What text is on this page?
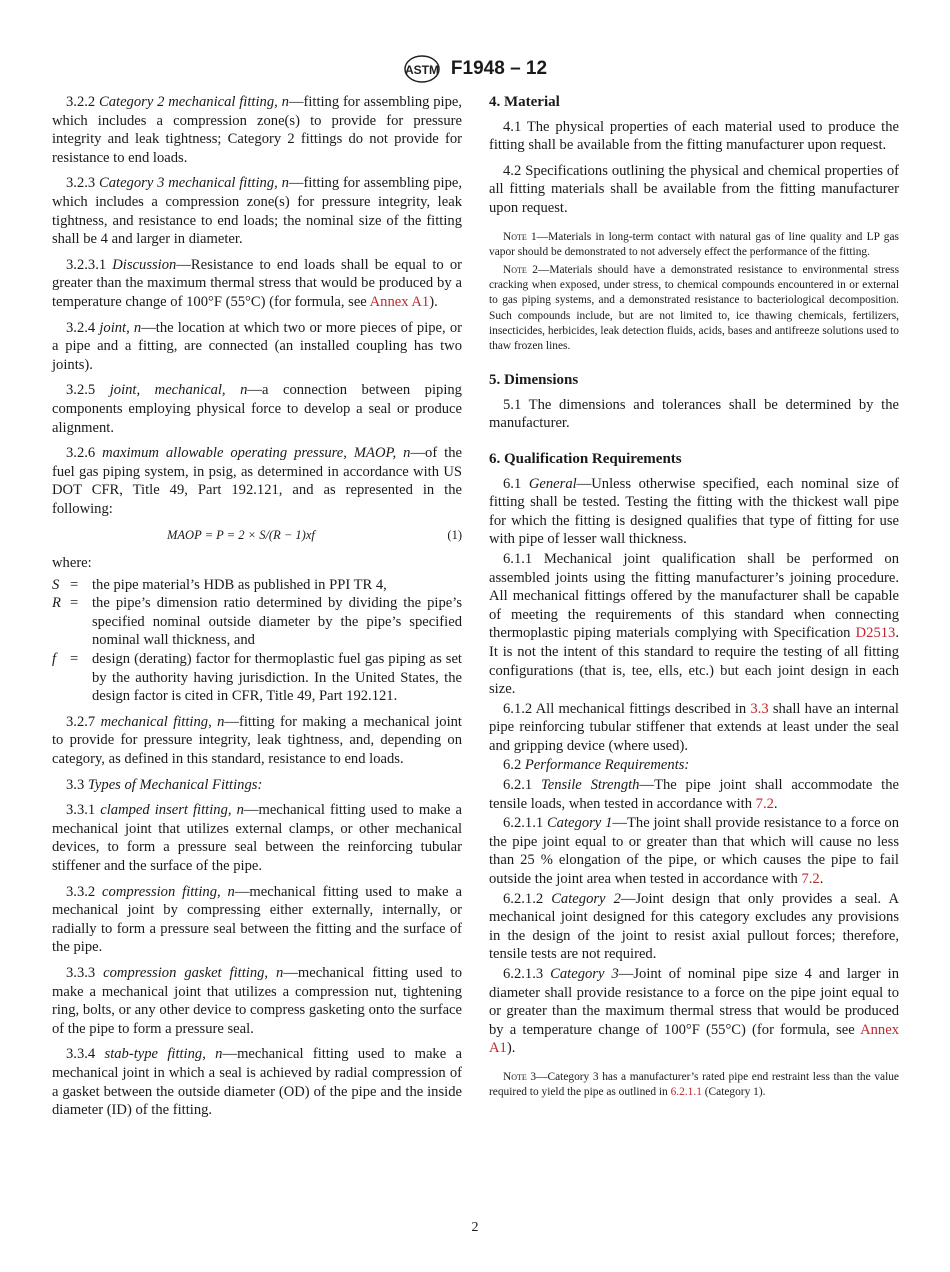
ASTM F1948 – 12

3.2.2 Category 2 mechanical fitting, n—fitting for assembling pipe, which includes a compression zone(s) to provide for pressure integrity and leak tightness; Category 2 fittings do not provide for resistance to end loads.

3.2.3 Category 3 mechanical fitting, n—fitting for assembling pipe, which includes a compression zone(s) for pressure integrity, leak tightness, and resistance to end loads; the nominal size of the fitting shall be 4 and larger in diameter.

3.2.3.1 Discussion—Resistance to end loads shall be equal to or greater than the maximum thermal stress that would be produced by a temperature change of 100°F (55°C) (for formula, see Annex A1).

3.2.4 joint, n—the location at which two or more pieces of pipe, or a pipe and a fitting, are connected (an installed coupling has two joints).

3.2.5 joint, mechanical, n—a connection between piping components employing physical force to develop a seal or produce alignment.

3.2.6 maximum allowable operating pressure, MAOP, n—of the fuel gas piping system, in psig, as determined in accordance with US DOT CFR, Title 49, Part 192.121, and as represented in the following:

MAOP = P = 2 × S/(R − 1)xf	(1)

where:

S = the pipe material’s HDB as published in PPI TR 4,
R = the pipe’s dimension ratio determined by dividing the pipe’s specified nominal outside diameter by the pipe’s specified nominal wall thickness, and
f = design (derating) factor for thermoplastic fuel gas piping as set by the authority having jurisdiction. In the United States, the design factor is cited in CFR, Title 49, Part 192.121.

3.2.7 mechanical fitting, n—fitting for making a mechanical joint to provide for pressure integrity, leak tightness, and, depending on category, as defined in this standard, resistance to end loads.

3.3 Types of Mechanical Fittings:

3.3.1 clamped insert fitting, n—mechanical fitting used to make a mechanical joint that utilizes external clamps, or other mechanical devices, to form a pressure seal between the reinforcing tubular stiffener and the surface of the pipe.

3.3.2 compression fitting, n—mechanical fitting used to make a mechanical joint by compressing either externally, internally, or radially to form a pressure seal between the fitting and the surface of the pipe.

3.3.3 compression gasket fitting, n—mechanical fitting used to make a mechanical joint that utilizes a compression nut, tightening ring, bolts, or any other device to compress gasketing onto the surface of the pipe to form a pressure seal.

3.3.4 stab-type fitting, n—mechanical fitting used to make a mechanical joint in which a seal is achieved by radial compression of a gasket between the outside diameter (OD) of the pipe and the inside diameter (ID) of the fitting.

4. Material

4.1 The physical properties of each material used to produce the fitting shall be available from the fitting manufacturer upon request.

4.2 Specifications outlining the physical and chemical properties of all fitting materials shall be available from the fitting manufacturer upon request.

Note 1—Materials in long-term contact with natural gas of line quality and LP gas vapor should be demonstrated to not adversely effect the performance of the fitting.

Note 2—Materials should have a demonstrated resistance to environmental stress cracking when exposed, under stress, to chemical compounds encountered in or external to gas piping systems, and a demonstrated resistance to bacteriological decomposition. Such compounds include, but are not limited to, ice thawing chemicals, fertilizers, insecticides, herbicides, leak detection fluids, acids, bases and antifreeze solutions used to thaw frozen lines.

5. Dimensions

5.1 The dimensions and tolerances shall be determined by the manufacturer.

6. Qualification Requirements

6.1 General—Unless otherwise specified, each nominal size of fitting shall be tested. Testing the fitting with the thickest wall pipe for which the fitting is designed qualifies that type of fitting for use with pipe of lesser wall thickness.

6.1.1 Mechanical joint qualification shall be performed on assembled joints using the fitting manufacturer’s joining procedure. All mechanical fittings offered by the manufacturer shall be capable of meeting the requirements of this standard when connecting thermoplastic piping materials complying with Specification D2513. It is not the intent of this standard to require the testing of all fitting configurations (that is, tee, ells, etc.) but each joint design in each size.

6.1.2 All mechanical fittings described in 3.3 shall have an internal pipe reinforcing tubular stiffener that extends at least under the seal and gripping device (where used).

6.2 Performance Requirements:

6.2.1 Tensile Strength—The pipe joint shall accommodate the tensile loads, when tested in accordance with 7.2.

6.2.1.1 Category 1—The joint shall provide resistance to a force on the pipe joint equal to or greater than that which will cause no less than 25 % elongation of the pipe, or which causes the pipe to fail outside the joint area when tested in accordance with 7.2.

6.2.1.2 Category 2—Joint design that only provides a seal. A mechanical joint designed for this category excludes any provisions in the design of the joint to resist axial pullout forces; therefore, tensile tests are not required.

6.2.1.3 Category 3—Joint of nominal pipe size 4 and larger in diameter shall provide resistance to a force on the pipe joint equal to or greater than the maximum thermal stress that would be produced by a temperature change of 100°F (55°C) (for formula, see Annex A1).

Note 3—Category 3 has a manufacturer’s rated pipe end restraint less than the value required to yield the pipe as outlined in 6.2.1.1 (Category 1).

2
